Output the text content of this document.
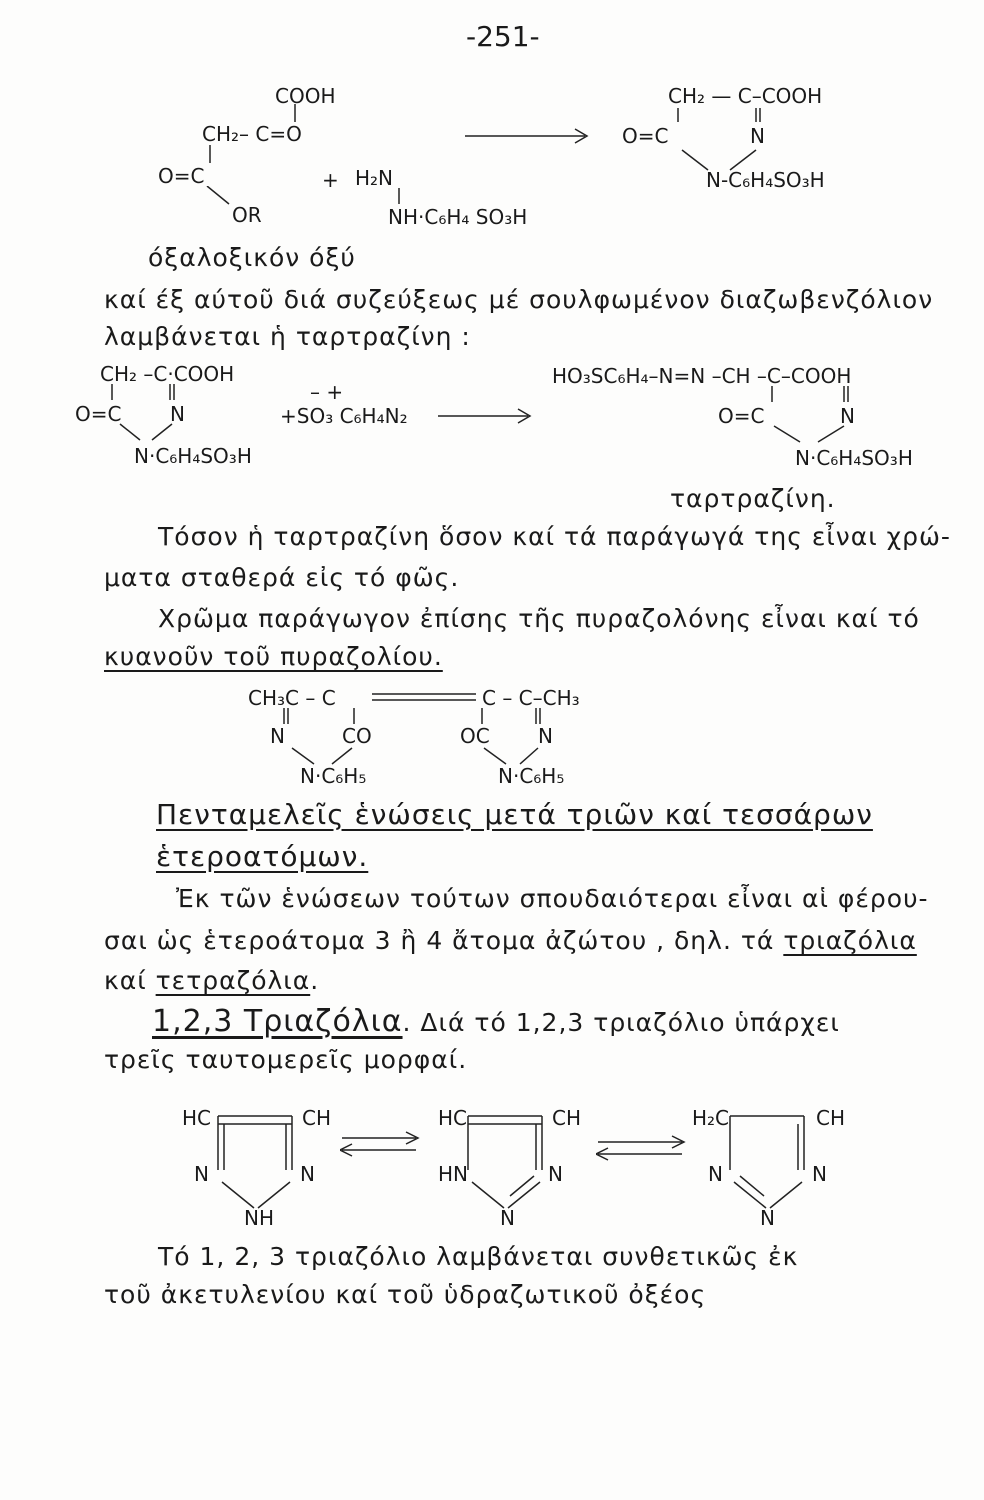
-251-
COOH
CH₂– C=O
O=C
OR
+ H₂N
NH·C₆H₄ SO₃H
CH₂ — C–COOH
O=C	N
N-C₆H₄SO₃H
όξαλοξικόν όξύ
καί έξ αύτοῦ διά συζεύξεως μέ σουλφωμένον διαζωβενζόλιον
λαμβάνεται ἡ ταρτραζίνη :
CH₂ –C·COOH
O=C N
N·C₆H₄SO₃H
– +
+SO₃ C₆H₄N₂
HO₃SC₆H₄–N=N –CH –C–COOH
O=C	N
N·C₆H₄SO₃H
ταρτραζίνη.
Τόσον ἡ ταρτραζίνη ὅσον καί τά παράγωγά της εἶναι χρώ-
ματα σταθερά εἰς τό φῶς.
Χρῶμα παράγωγον ἐπίσης τῆς πυραζολόνης εἶναι καί τό
κυανοῦν τοῦ πυραζολίου.
CH₃C – C	C – C–CH₃
N	CO	OC N
N·C₆H₅	N·C₆H₅
Πενταμελεῖς ἑνώσεις μετά τριῶν καί τεσσάρων
ἑτεροατόμων.
Ἐκ τῶν ἑνώσεων τούτων σπουδαιότεραι εἶναι αἱ φέρου-
σαι ὡς ἑτεροάτομα 3 ἢ 4 ἄτομα ἀζώτου , δηλ. τά τριαζόλια
καί τετραζόλια.
1,2,3 Τριαζόλια. Διά τό 1,2,3 τριαζόλιο ὑπάρχει
τρεῖς ταυτομερεῖς μορφαί.
HC	CH
N	N
NH
HC	CH
HN	N
N
H₂C	CH
N	N
N
Τό 1, 2, 3 τριαζόλιο λαμβάνεται συνθετικῶς ἐκ
τοῦ ἀκετυλενίου καί τοῦ ὑδραζωτικοῦ ὀξέος
